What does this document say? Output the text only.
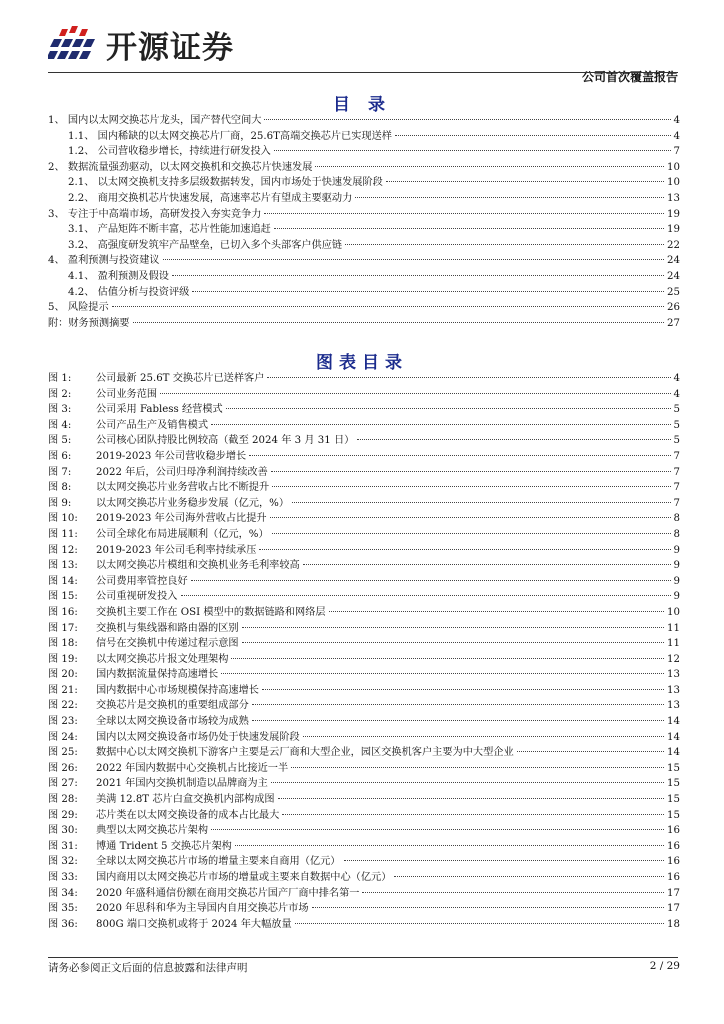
开源证券
公司首次覆盖报告
目 录
1、 国内以太网交换芯片龙头，国产替代空间大	4
1.1、 国内稀缺的以太网交换芯片厂商，25.6T高端交换芯片已实现送样	4
1.2、 公司营收稳步增长，持续进行研发投入	7
2、 数据流量强劲驱动，以太网交换机和交换芯片快速发展	10
2.1、 以太网交换机支持多层级数据转发，国内市场处于快速发展阶段	10
2.2、 商用交换机芯片快速发展，高速率芯片有望成主要驱动力	13
3、 专注于中高端市场，高研发投入夯实竞争力	19
3.1、 产品矩阵不断丰富，芯片性能加速追赶	19
3.2、 高强度研发筑牢产品壁垒，已切入多个头部客户供应链	22
4、 盈利预测与投资建议	24
4.1、 盈利预测及假设	24
4.2、 估值分析与投资评级	25
5、 风险提示	26
附：财务预测摘要	27
图表目录
图 1:	公司最新 25.6T 交换芯片已送样客户	4
图 2:	公司业务范围	4
图 3:	公司采用 Fabless 经营模式	5
图 4:	公司产品生产及销售模式	5
图 5:	公司核心团队持股比例较高（截至 2024 年 3 月 31 日）	5
图 6:	2019-2023 年公司营收稳步增长	7
图 7:	2022 年后，公司归母净利润持续改善	7
图 8:	以太网交换芯片业务营收占比不断提升	7
图 9:	以太网交换芯片业务稳步发展（亿元，%）	7
图 10:	2019-2023 年公司海外营收占比提升	8
图 11:	公司全球化布局进展顺利（亿元，%）	8
图 12:	2019-2023 年公司毛利率持续承压	9
图 13:	以太网交换芯片模组和交换机业务毛利率较高	9
图 14:	公司费用率管控良好	9
图 15:	公司重视研发投入	9
图 16:	交换机主要工作在 OSI 模型中的数据链路和网络层	10
图 17:	交换机与集线器和路由器的区别	11
图 18:	信号在交换机中传递过程示意图	11
图 19:	以太网交换芯片报文处理架构	12
图 20:	国内数据流量保持高速增长	13
图 21:	国内数据中心市场规模保持高速增长	13
图 22:	交换芯片是交换机的重要组成部分	13
图 23:	全球以太网交换设备市场较为成熟	14
图 24:	国内以太网交换设备市场仍处于快速发展阶段	14
图 25:	数据中心以太网交换机下游客户主要是云厂商和大型企业，园区交换机客户主要为中大型企业	14
图 26:	2022 年国内数据中心交换机占比接近一半	15
图 27:	2021 年国内交换机制造以品牌商为主	15
图 28:	美满 12.8T 芯片白盒交换机内部构成图	15
图 29:	芯片类在以太网交换设备的成本占比最大	15
图 30:	典型以太网交换芯片架构	16
图 31:	博通 Trident 5 交换芯片架构	16
图 32:	全球以太网交换芯片市场的增量主要来自商用（亿元）	16
图 33:	国内商用以太网交换芯片市场的增量或主要来自数据中心（亿元）	16
图 34:	2020 年盛科通信份额在商用交换芯片国产厂商中排名第一	17
图 35:	2020 年思科和华为主导国内自用交换芯片市场	17
图 36:	800G 端口交换机或将于 2024 年大幅放量	18
请务必参阅正文后面的信息披露和法律声明	2 / 29
